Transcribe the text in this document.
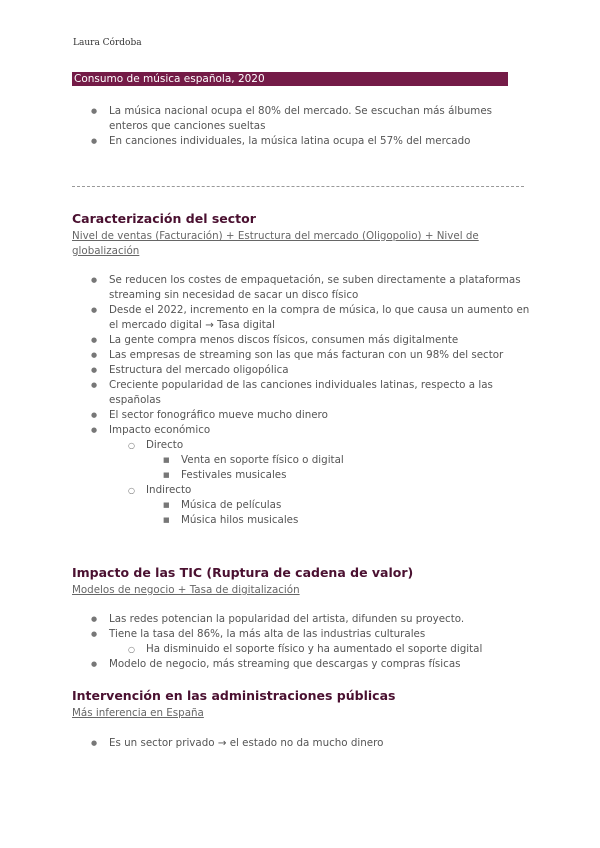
Laura Córdoba
Consumo de música española, 2020
● La música nacional ocupa el 80% del mercado. Se escuchan más álbumes enteros que canciones sueltas
● En canciones individuales, la música latina ocupa el 57% del mercado
Caracterización del sector
Nivel de ventas (Facturación) + Estructura del mercado (Oligopolio) + Nivel de globalización
● Se reducen los costes de empaquetación, se suben directamente a plataformas streaming sin necesidad de sacar un disco físico
● Desde el 2022, incremento en la compra de música, lo que causa un aumento en el mercado digital → Tasa digital
● La gente compra menos discos físicos, consumen más digitalmente
● Las empresas de streaming son las que más facturan con un 98% del sector
● Estructura del mercado oligopólica
● Creciente popularidad de las canciones individuales latinas, respecto a las españolas
● El sector fonográfico mueve mucho dinero
● Impacto económico
○ Directo
■ Venta en soporte físico o digital
■ Festivales musicales
○ Indirecto
■ Música de películas
■ Música hilos musicales
Impacto de las TIC (Ruptura de cadena de valor)
Modelos de negocio + Tasa de digitalización
● Las redes potencian la popularidad del artista, difunden su proyecto.
● Tiene la tasa del 86%, la más alta de las industrias culturales
○ Ha disminuido el soporte físico y ha aumentado el soporte digital
● Modelo de negocio, más streaming que descargas y compras físicas
Intervención en las administraciones públicas
Más inferencia en España
● Es un sector privado → el estado no da mucho dinero
